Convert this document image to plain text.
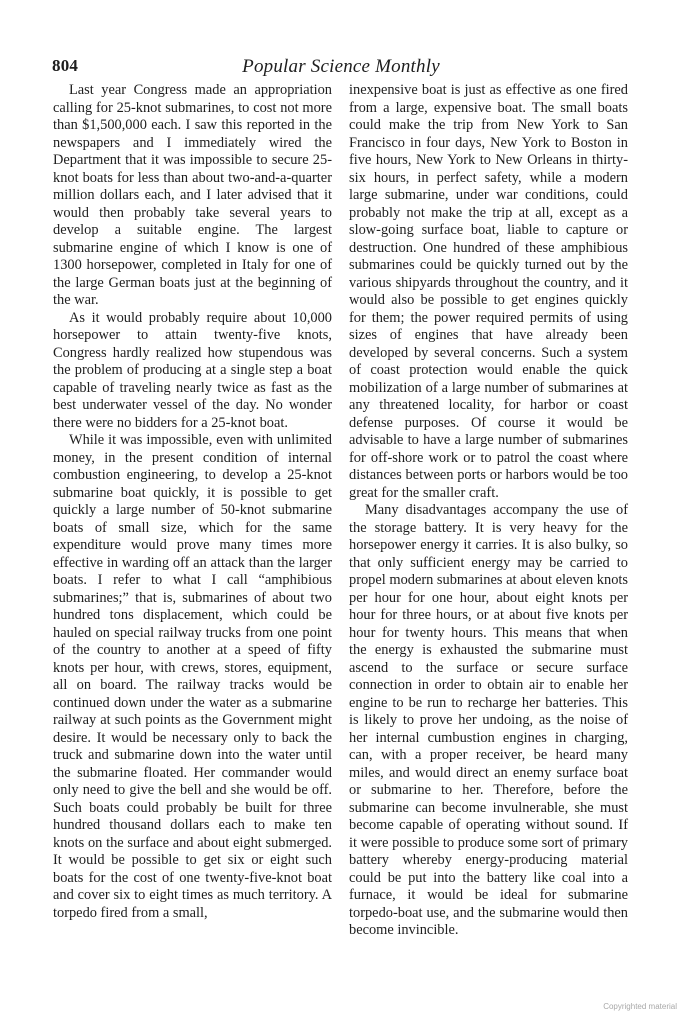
804	Popular Science Monthly

Last year Congress made an appropriation calling for 25-knot submarines, to cost not more than $1,500,000 each. I saw this reported in the newspapers and I immediately wired the Department that it was impossible to secure 25-knot boats for less than about two-and-a-quarter million dollars each, and I later advised that it would then probably take several years to develop a suitable engine. The largest submarine engine of which I know is one of 1300 horsepower, completed in Italy for one of the large German boats just at the beginning of the war.

As it would probably require about 10,000 horsepower to attain twenty-five knots, Congress hardly realized how stupendous was the problem of producing at a single step a boat capable of traveling nearly twice as fast as the best underwater vessel of the day. No wonder there were no bidders for a 25-knot boat.

While it was impossible, even with unlimited money, in the present condition of internal combustion engineering, to develop a 25-knot submarine boat quickly, it is possible to get quickly a large number of 50-knot submarine boats of small size, which for the same expenditure would prove many times more effective in warding off an attack than the larger boats. I refer to what I call “amphibious submarines;” that is, submarines of about two hundred tons displacement, which could be hauled on special railway trucks from one point of the country to another at a speed of fifty knots per hour, with crews, stores, equipment, all on board. The railway tracks would be continued down under the water as a submarine railway at such points as the Government might desire. It would be necessary only to back the truck and submarine down into the water until the submarine floated. Her commander would only need to give the bell and she would be off. Such boats could probably be built for three hundred thousand dollars each to make ten knots on the surface and about eight submerged. It would be possible to get six or eight such boats for the cost of one twenty-five-knot boat and cover six to eight times as much territory. A torpedo fired from a small,

inexpensive boat is just as effective as one fired from a large, expensive boat. The small boats could make the trip from New York to San Francisco in four days, New York to Boston in five hours, New York to New Orleans in thirty-six hours, in perfect safety, while a modern large submarine, under war conditions, could probably not make the trip at all, except as a slow-going surface boat, liable to capture or destruction. One hundred of these amphibious submarines could be quickly turned out by the various shipyards throughout the country, and it would also be possible to get engines quickly for them; the power required permits of using sizes of engines that have already been developed by several concerns. Such a system of coast protection would enable the quick mobilization of a large number of submarines at any threatened locality, for harbor or coast defense purposes. Of course it would be advisable to have a large number of submarines for off-shore work or to patrol the coast where distances between ports or harbors would be too great for the smaller craft.

Many disadvantages accompany the use of the storage battery. It is very heavy for the horsepower energy it carries. It is also bulky, so that only sufficient energy may be carried to propel modern submarines at about eleven knots per hour for one hour, about eight knots per hour for three hours, or at about five knots per hour for twenty hours. This means that when the energy is exhausted the submarine must ascend to the surface or secure surface connection in order to obtain air to enable her engine to be run to recharge her batteries. This is likely to prove her undoing, as the noise of her internal cumbustion engines in charging, can, with a proper receiver, be heard many miles, and would direct an enemy surface boat or submarine to her. Therefore, before the submarine can become invulnerable, she must become capable of operating without sound. If it were possible to produce some sort of primary battery whereby energy-producing material could be put into the battery like coal into a furnace, it would be ideal for submarine torpedo-boat use, and the submarine would then become invincible.

Copyrighted material
